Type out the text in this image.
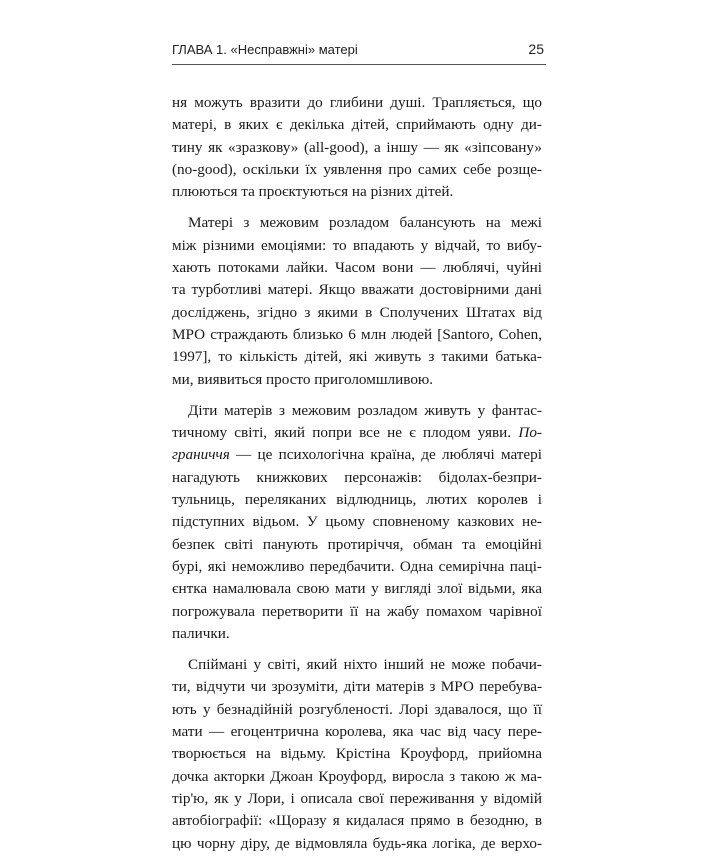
ГЛАВА 1. «Несправжні» матері	25
ня можуть вразити до глибини душі. Трапляється, що
матері, в яких є декілька дітей, сприймають одну ди-
тину як «зразкову» (all-good), а іншу — як «зіпсовану»
(no-good), оскільки їх уявлення про самих себе розще-
плюються та проєктуються на різних дітей.
Матері з межовим розладом балансують на межі
між різними емоціями: то впадають у відчай, то вибу-
хають потоками лайки. Часом вони — люблячі, чуйні
та турботливі матері. Якщо вважати достовірними дані
досліджень, згідно з якими в Сполучених Штатах від
МРО страждають близько 6 млн людей [Santoro, Cohen,
1997], то кількість дітей, які живуть з такими батька-
ми, виявиться просто приголомшливою.
Діти матерів з межовим розладом живуть у фантас-
тичному світі, який попри все не є плодом уяви. По-
граниччя — це психологічна країна, де люблячі матері
нагадують книжкових персонажів: бідолах-безпри-
тульниць, переляканих відлюдниць, лютих королев і
підступних відьом. У цьому сповненому казкових не-
безпек світі панують протиріччя, обман та емоційні
бурі, які неможливо передбачити. Одна семирічна паці-
єнтка намалювала свою мати у вигляді злої відьми, яка
погрожувала перетворити її на жабу помахом чарівної
палички.
Спіймані у світі, який ніхто інший не може побачи-
ти, відчути чи зрозуміти, діти матерів з МРО перебува-
ють у безнадійній розгубленості. Лорі здавалося, що її
мати — егоцентрична королева, яка час від часу пере-
творюється на відьму. Крістіна Кроуфорд, прийомна
дочка акторки Джоан Кроуфорд, виросла з такою ж ма-
тір'ю, як у Лори, і описала свої переживання у відомій
автобіографії: «Щоразу я кидалася прямо в безодню, в
цю чорну діру, де відмовляла будь-яка логіка, де верхо-
